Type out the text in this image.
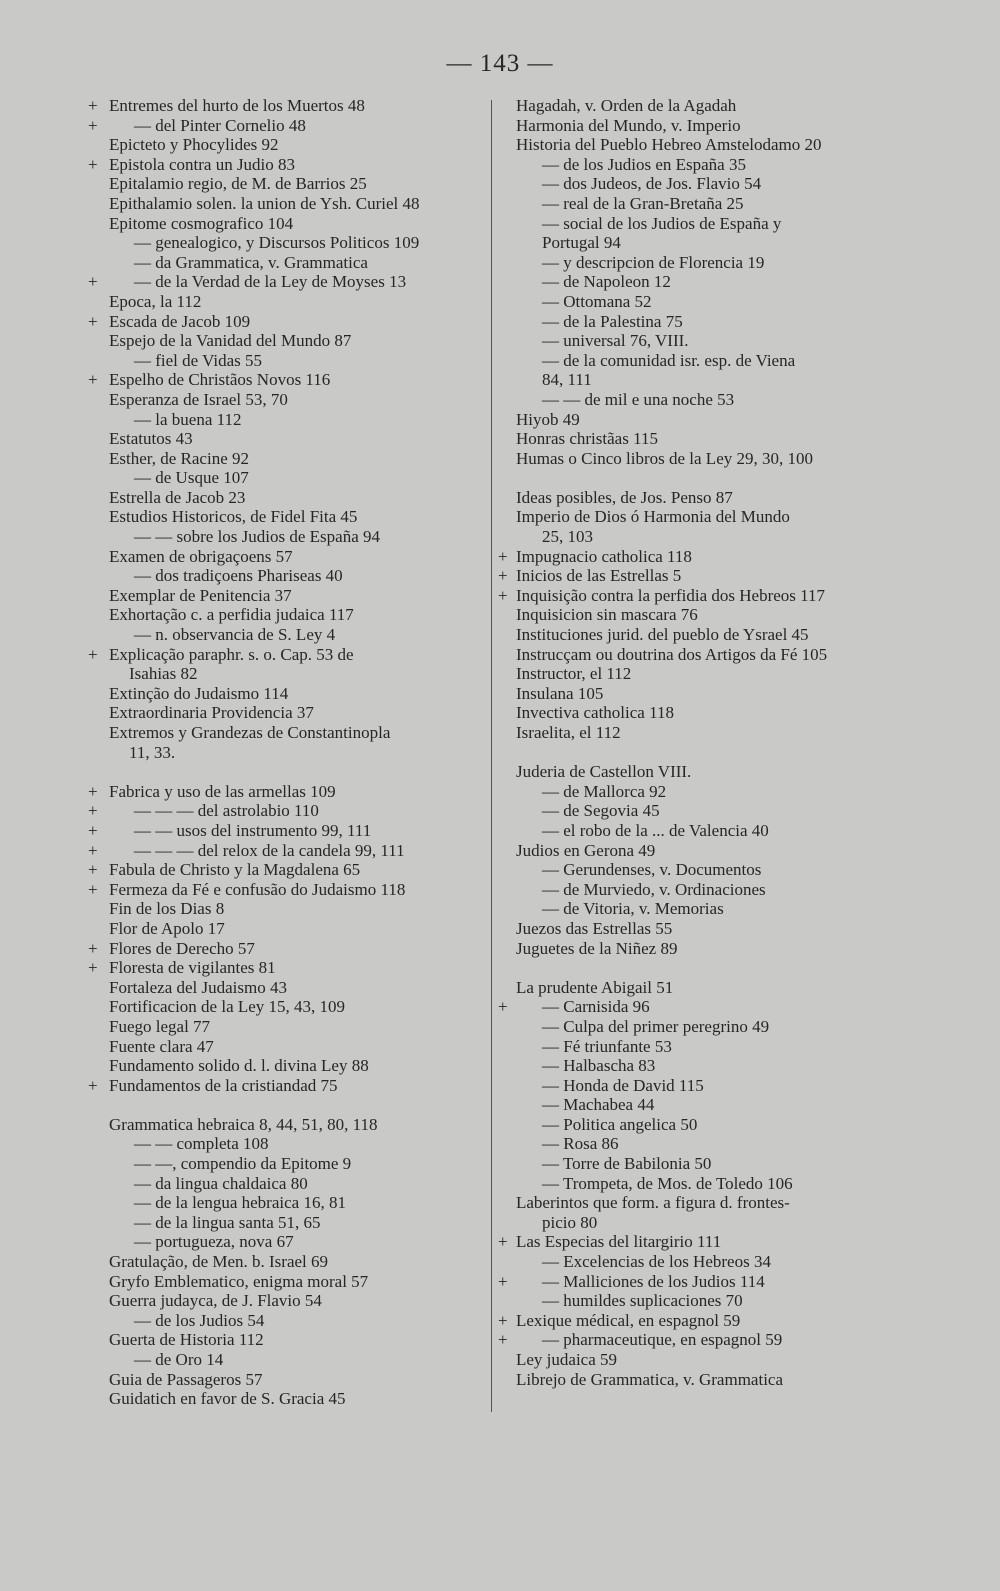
— 143 —
+ Entremes del hurto de los Muertos 48
+	— del Pinter Cornelio 48
Epicteto y Phocylides 92
+ Epistola contra un Judio 83
Epitalamio regio, de M. de Barrios 25
Epithalamio solen. la union de Ysh. Curiel 48
Epitome cosmografico 104
— genealogico, y Discursos Politicos 109
— da Grammatica, v. Grammatica
+	— de la Verdad de la Ley de Moyses 13
Epoca, la 112
+ Escada de Jacob 109
Espejo de la Vanidad del Mundo 87
— fiel de Vidas 55
+ Espelho de Christãos Novos 116
Esperanza de Israel 53, 70
— la buena 112
Estatutos 43
Esther, de Racine 92
— de Usque 107
Estrella de Jacob 23
Estudios Historicos, de Fidel Fita 45
— — sobre los Judios de España 94
Examen de obrigaçoens 57
— dos tradiçoens Phariseas 40
Exemplar de Penitencia 37
Exhortação c. a perfidia judaica 117
— n. observancia de S. Ley 4
+ Explicação paraphr. s. o. Cap. 53 de
Isahias 82
Extinção do Judaismo 114
Extraordinaria Providencia 37
Extremos y Grandezas de Constantinopla
11, 33.
+ Fabrica y uso de las armellas 109
+	— — — del astrolabio 110
+	— — usos del instrumento 99, 111
+	— — — del relox de la candela 99, 111
+ Fabula de Christo y la Magdalena 65
+ Fermeza da Fé e confusão do Judaismo 118
Fin de los Dias 8
Flor de Apolo 17
+ Flores de Derecho 57
+ Floresta de vigilantes 81
Fortaleza del Judaismo 43
Fortificacion de la Ley 15, 43, 109
Fuego legal 77
Fuente clara 47
Fundamento solido d. l. divina Ley 88
+ Fundamentos de la cristiandad 75
Grammatica hebraica 8, 44, 51, 80, 118
— — completa 108
— —, compendio da Epitome 9
— da lingua chaldaica 80
— de la lengua hebraica 16, 81
— de la lingua santa 51, 65
— portugueza, nova 67
Gratulação, de Men. b. Israel 69
Gryfo Emblematico, enigma moral 57
Guerra judayca, de J. Flavio 54
— de los Judios 54
Guerta de Historia 112
— de Oro 14
Guia de Passageros 57
Guidatich en favor de S. Gracia 45
Hagadah, v. Orden de la Agadah
Harmonia del Mundo, v. Imperio
Historia del Pueblo Hebreo Amstelodamo 20
— de los Judios en España 35
— dos Judeos, de Jos. Flavio 54
— real de la Gran-Bretaña 25
— social de los Judios de España y
Portugal 94
— y descripcion de Florencia 19
— de Napoleon 12
— Ottomana 52
— de la Palestina 75
— universal 76, VIII.
— de la comunidad isr. esp. de Viena
84, 111
— — de mil e una noche 53
Hiyob 49
Honras christãas 115
Humas o Cinco libros de la Ley 29, 30, 100
Ideas posibles, de Jos. Penso 87
Imperio de Dios ó Harmonia del Mundo
25, 103
+ Impugnacio catholica 118
+ Inicios de las Estrellas 5
+ Inquisição contra la perfidia dos Hebreos 117
Inquisicion sin mascara 76
Instituciones jurid. del pueblo de Ysrael 45
Instrucçam ou doutrina dos Artigos da Fé 105
Instructor, el 112
Insulana 105
Invectiva catholica 118
Israelita, el 112
Juderia de Castellon VIII.
— de Mallorca 92
— de Segovia 45
— el robo de la ... de Valencia 40
Judios en Gerona 49
— Gerundenses, v. Documentos
— de Murviedo, v. Ordinaciones
— de Vitoria, v. Memorias
Juezos das Estrellas 55
Juguetes de la Niñez 89
La prudente Abigail 51
+	— Carnisida 96
— Culpa del primer peregrino 49
— Fé triunfante 53
— Halbascha 83
— Honda de David 115
— Machabea 44
— Politica angelica 50
— Rosa 86
— Torre de Babilonia 50
— Trompeta, de Mos. de Toledo 106
Laberintos que form. a figura d. frontes-
picio 80
+ Las Especias del litargirio 111
— Excelencias de los Hebreos 34
+	— Malliciones de los Judios 114
— humildes suplicaciones 70
+ Lexique médical, en espagnol 59
+	— pharmaceutique, en espagnol 59
Ley judaica 59
Librejo de Grammatica, v. Grammatica
